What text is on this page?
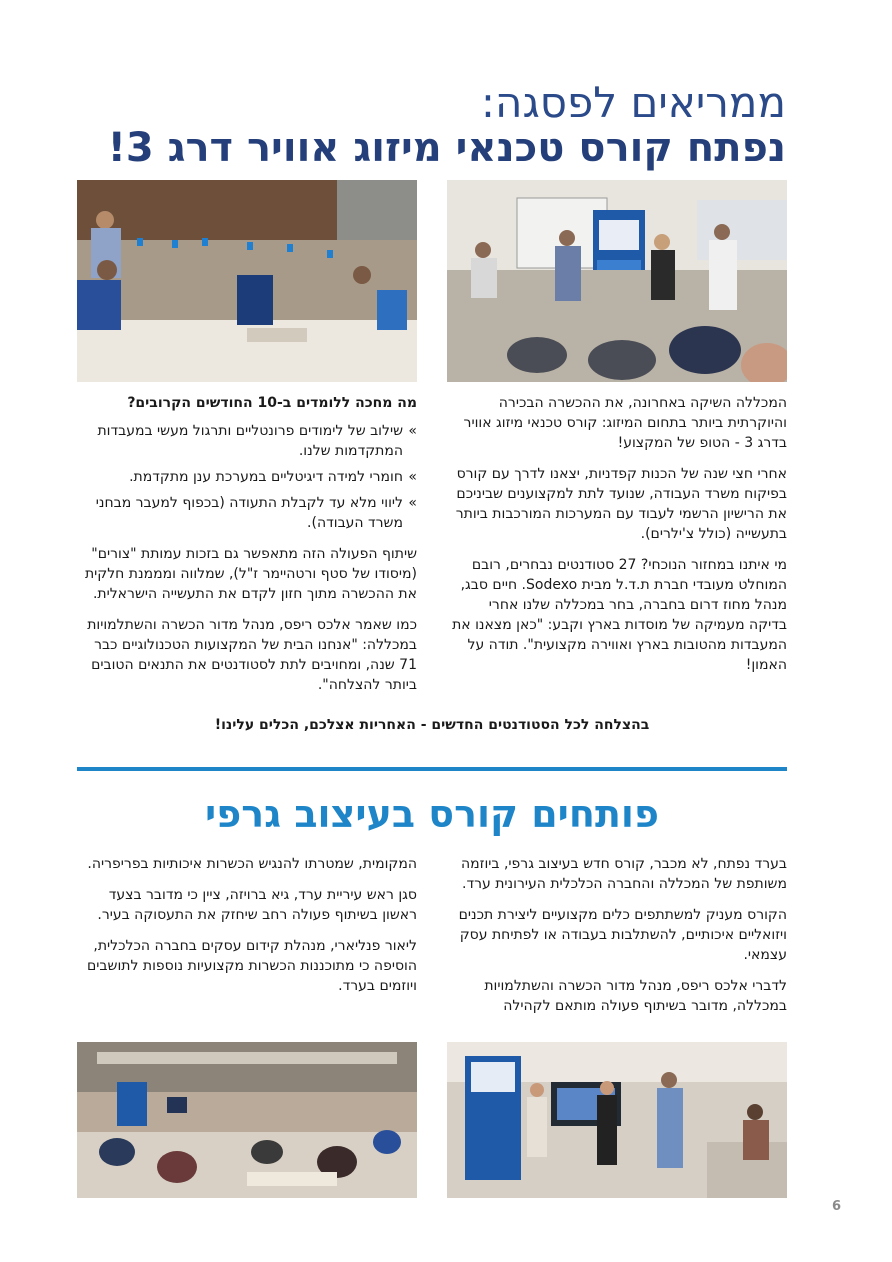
ממריאים לפסגה:
נפתח קורס טכנאי מיזוג אוויר דרג 3!

המכללה השיקה באחרונה, את ההכשרה הבכירה והיוקרתית ביותר בתחום המיזוג: קורס טכנאי מיזוג אוויר בדרג 3 - הטופ של המקצוע!

אחרי חצי שנה של הכנות קפדניות, יצאנו לדרך עם קורס בפיקוח משרד העבודה, שנועד לתת למקצוענים שביניכם את הרישיון הרשמי לעבוד עם המערכות המורכבות ביותר בתעשייה (כולל צ'ילרים).

מי איתנו במחזור הנוכחי? 27 סטודנטים נבחרים, רובם המוחלט מעובדי חברת ת.ד.ל מבית Sodexo. חיים סבג, מנהל מחוז דרום בחברה, בחר במכללה שלנו אחרי בדיקה מעמיקה של מוסדות בארץ וקבע: "כאן מצאנו את המעבדות מהטובות בארץ ואווירה מקצועית". תודה על האמון!

מה מחכה ללומדים ב-10 החודשים הקרובים?

» שילוב של לימודים פרונטליים ותרגול מעשי במעבדות המתקדמות שלנו.
» חומרי למידה דיגיטליים במערכת ענן מתקדמת.
» ליווי מלא עד לקבלת התעודה (בכפוף למעבר מבחני משרד העבודה).

שיתוף הפעולה הזה מתאפשר גם בזכות עמותת "צורים" (מיסודו של סטף ורטהיימר ז"ל), שמלווה ומממנת חלקית את ההכשרה מתוך חזון לקדם את התעשייה הישראלית.

כמו שאמר אלכס ריפס, מנהל מדור הכשרה והשתלמויות במכללה: "אנחנו הבית של המקצועות הטכנולוגיים כבר 71 שנה, ומחויבים לתת לסטודנטים את התנאים הטובים ביותר להצלחה".

בהצלחה לכל הסטודנטים החדשים - האחריות אצלכם, הכלים עלינו!
פותחים קורס בעיצוב גרפי

בערד נפתח, לא מכבר, קורס חדש בעיצוב גרפי, ביוזמה משותפת של המכללה והחברה הכלכלית העירונית ערד.

הקורס מעניק למשתתפים כלים מקצועיים ליצירת תכנים ויזואליים איכותיים, להשתלבות בעבודה או לפתיחת עסק עצמאי.

לדברי אלכס ריפס, מנהל מדור הכשרה והשתלמויות במכללה, מדובר בשיתוף פעולה מותאם לקהילה

המקומית, שמטרתו להנגיש הכשרות איכותיות בפריפריה.

סגן ראש עיריית ערד, גיא ברויזה, ציין כי מדובר בצעד ראשון בשיתוף פעולה רחב שיחזק את התעסוקה בעיר.

ליאור פנליארי, מנהלת קידום עסקים בחברה הכלכלית, הוסיפה כי מתוכננות הכשרות מקצועיות נוספות לתושבים ויוזמים בערד.

6
